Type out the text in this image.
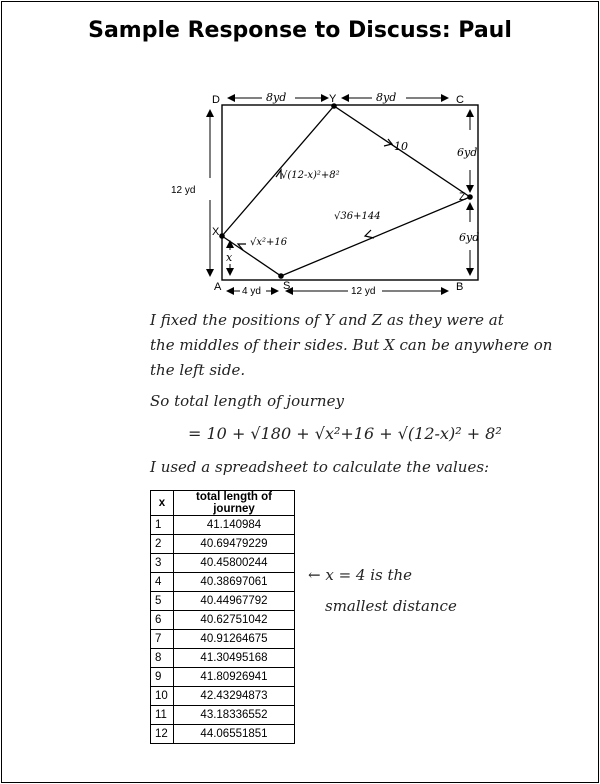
Sample Response to Discuss: Paul
D	C
A	B
S
X
Y
Z
12 yd
8yd	8yd
6yd
6yd
4 yd	12 yd
x
√(12-x)²+8²
10
√36+144
√x²+16
I fixed the positions of Y and Z as they were at
the middles of their sides. But X can be anywhere on
the left side.
So total length of journey
= 10 + √180 + √x²+16 + √(12-x)² + 8²
I used a spreadsheet to calculate the values:
x	total length of journey
1	41.140984
2	40.69479229
3	40.45800244
4	40.38697061
5	40.44967792
6	40.62751042
7	40.91264675
8	41.30495168
9	41.80926941
10	42.43294873
11	43.18336552
12	44.06551851
← x = 4 is the
smallest distance
